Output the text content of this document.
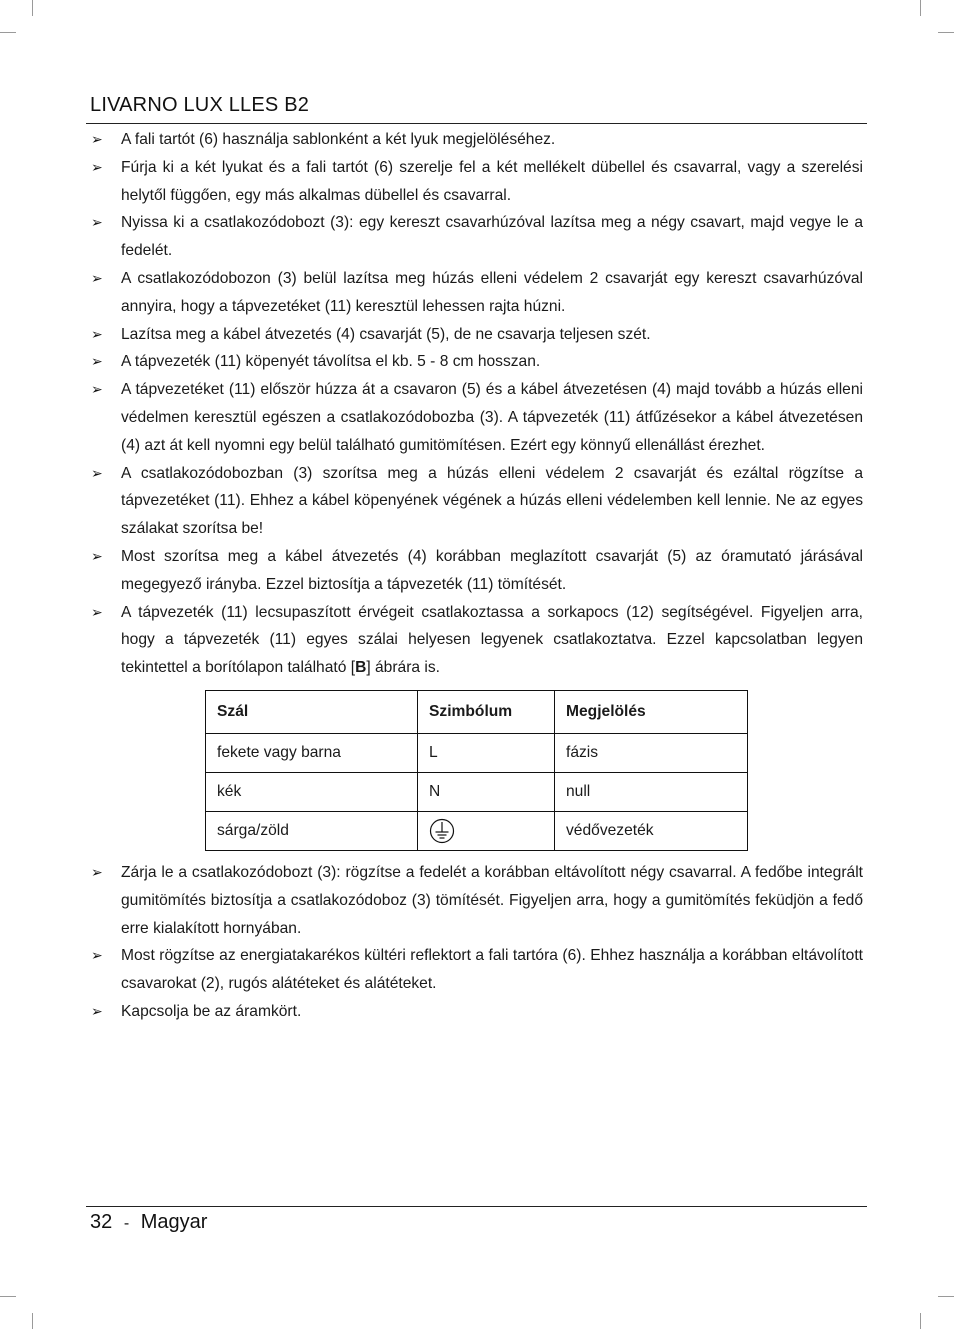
LIVARNO LUX LLES B2
➢ A fali tartót (6) használja sablonként a két lyuk megjelöléséhez.
➢ Fúrja ki a két lyukat és a fali tartót (6) szerelje fel a két mellékelt dübellel és csavarral, vagy a szerelési helytől függően, egy más alkalmas dübellel és csavarral.
➢ Nyissa ki a csatlakozódobozt (3): egy kereszt csavarhúzóval lazítsa meg a négy csavart, majd vegye le a fedelét.
➢ A csatlakozódobozon (3) belül lazítsa meg húzás elleni védelem 2 csavarját egy kereszt csavarhúzóval annyira, hogy a tápvezetéket (11) keresztül lehessen rajta húzni.
➢ Lazítsa meg a kábel átvezetés (4) csavarját (5), de ne csavarja teljesen szét.
➢ A tápvezeték (11) köpenyét távolítsa el kb. 5 - 8 cm hosszan.
➢ A tápvezetéket (11) először húzza át a csavaron (5) és a kábel átvezetésen (4) majd tovább a húzás elleni védelmen keresztül egészen a csatlakozódobozba (3). A tápvezeték (11) átfűzésekor a kábel átvezetésen (4) azt át kell nyomni egy belül található gumitömítésen. Ezért egy könnyű ellenállást érezhet.
➢ A csatlakozódobozban (3) szorítsa meg a húzás elleni védelem 2 csavarját és ezáltal rögzítse a tápvezetéket (11). Ehhez a kábel köpenyének végének a húzás elleni védelemben kell lennie. Ne az egyes szálakat szorítsa be!
➢ Most szorítsa meg a kábel átvezetés (4) korábban meglazított csavarját (5) az óramutató járásával megegyező irányba. Ezzel biztosítja a tápvezeték (11) tömítését.
➢ A tápvezeték (11) lecsupaszított érvégeit csatlakoztassa a sorkapocs (12) segítségével. Figyeljen arra, hogy a tápvezeték (11) egyes szálai helyesen legyenek csatlakoztatva. Ezzel kapcsolatban legyen tekintettel a borítólapon található [B] ábrára is.
Szál	Szimbólum	Megjelölés
fekete vagy barna	L	fázis
kék	N	null
sárga/zöld		védővezeték
➢ Zárja le a csatlakozódobozt (3): rögzítse a fedelét a korábban eltávolított négy csavarral. A fedőbe integrált gumitömítés biztosítja a csatlakozódoboz (3) tömítését. Figyeljen arra, hogy a gumitömítés feküdjön a fedő erre kialakított hornyában.
➢ Most rögzítse az energiatakarékos kültéri reflektort a fali tartóra (6). Ehhez használja a korábban eltávolított csavarokat (2), rugós alátéteket és alátéteket.
➢ Kapcsolja be az áramkört.
32 - Magyar
